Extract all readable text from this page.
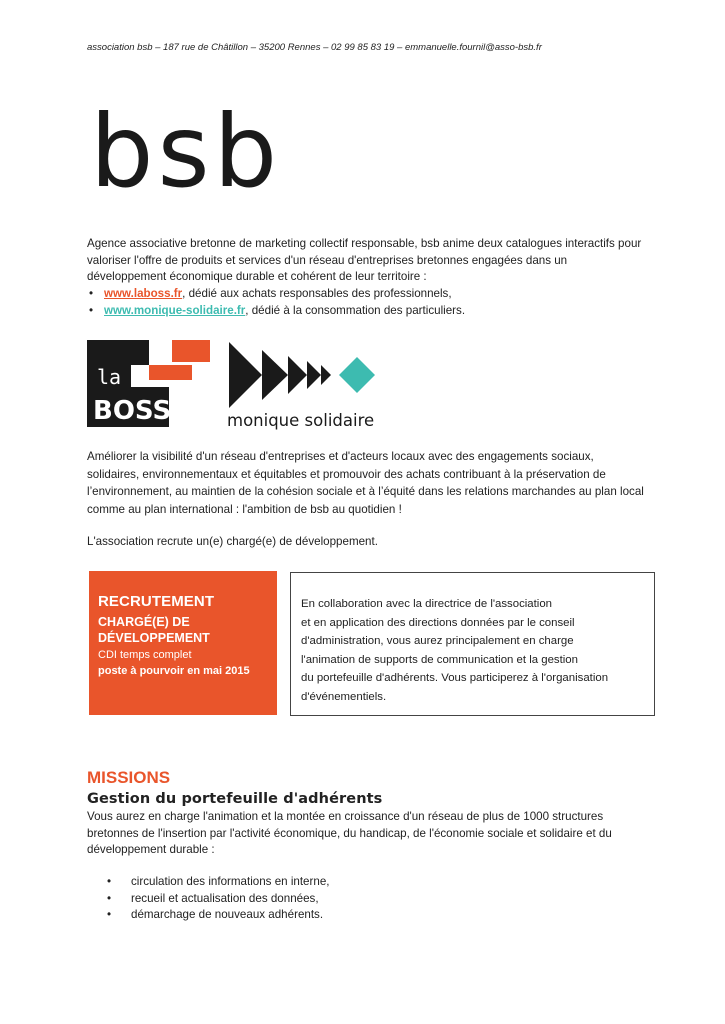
association bsb – 187 rue de Châtillon – 35200 Rennes – 02 99 85 83 19 – emmanuelle.fournil@asso-bsb.fr
bsb
Agence associative bretonne de marketing collectif responsable, bsb anime deux catalogues interactifs pour valoriser l'offre de produits et services d'un réseau d'entreprises bretonnes engagées dans un développement économique durable et cohérent de leur territoire :
• www.laboss.fr, dédié aux achats responsables des professionnels,
• www.monique-solidaire.fr, dédié à la consommation des particuliers.
la
BOSS	monique solidaire
Améliorer la visibilité d'un réseau d'entreprises et d'acteurs locaux avec des engagements sociaux, solidaires, environnementaux et équitables et promouvoir des achats contribuant à la préservation de l’environnement, au maintien de la cohésion sociale et à l’équité dans les relations marchandes au plan local comme au plan international : l'ambition de bsb au quotidien !
L'association recrute un(e) chargé(e) de développement.
RECRUTEMENT
CHARGÉ(E) DE
DÉVELOPPEMENT
CDI temps complet
poste à pourvoir en mai 2015
En collaboration avec la directrice de l'association
et en application des directions données par le conseil
d'administration, vous aurez principalement en charge
l'animation de supports de communication et la gestion
du portefeuille d'adhérents. Vous participerez à l'organisation
d'événementiels.
MISSIONS
Gestion du portefeuille d'adhérents
Vous aurez en charge l'animation et la montée en croissance d'un réseau de plus de 1000 structures bretonnes de l'insertion par l'activité économique, du handicap, de l'économie sociale et solidaire et du développement durable :
• circulation des informations en interne,
• recueil et actualisation des données,
• démarchage de nouveaux adhérents.
